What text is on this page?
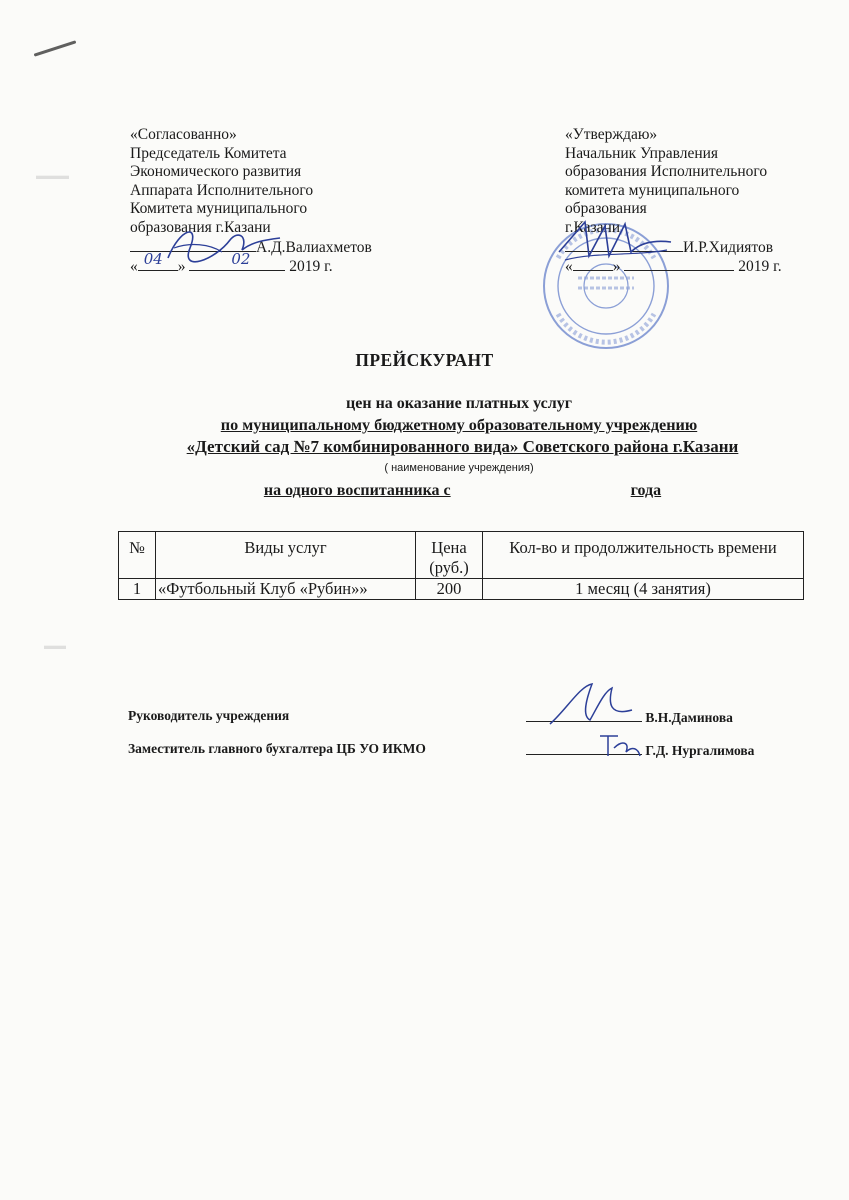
▬▬▬
▬▬
«Согласованно»
Председатель Комитета
Экономического развития
Аппарата Исполнительного
Комитета муниципального
образования г.Казани
А.Д.Валиахметов
« 04 »	02	2019 г.
«Утверждаю»
Начальник Управления
образования Исполнительного
комитета муниципального
образования
г.Казани
И.Р.Хидиятов
«	»	2019 г.
ПРЕЙСКУРАНТ
цен на оказание платных услуг
по муниципальному бюджетному образовательному учреждению
«Детский сад №7 комбинированного вида» Советского района г.Казани
( наименование учреждения)
на одного воспитанника с	года
№	Виды услуг	Цена (руб.)	Кол-во и продолжительность времени
1	«Футбольный Клуб «Рубин»»	200	1 месяц (4 занятия)
Руководитель учреждения	В.Н.Даминова
Заместитель главного бухгалтера ЦБ УО ИКМО	Г.Д. Нургалимова
